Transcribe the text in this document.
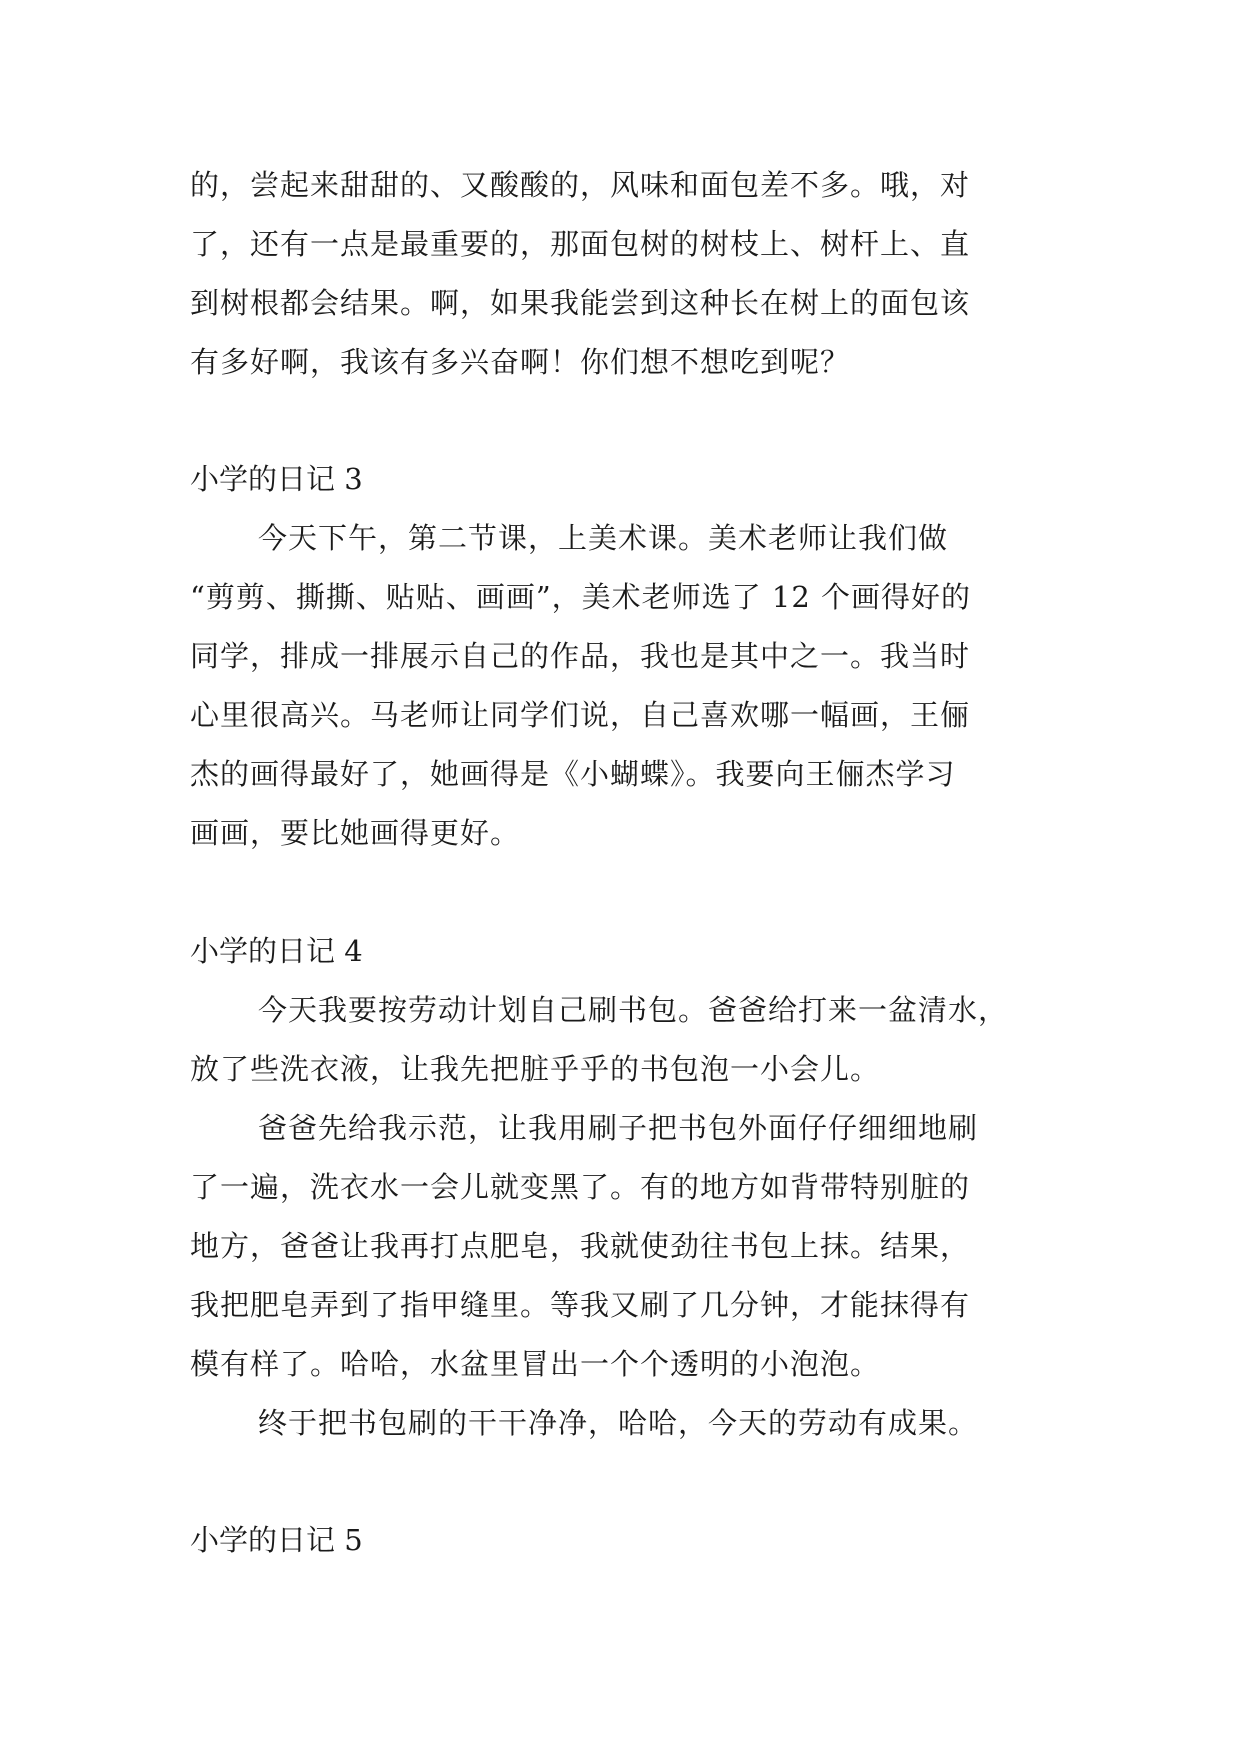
的，尝起来甜甜的、又酸酸的，风味和面包差不多。哦，对
了，还有一点是最重要的，那面包树的树枝上、树杆上、直
到树根都会结果。啊，如果我能尝到这种长在树上的面包该
有多好啊，我该有多兴奋啊！你们想不想吃到呢？
小学的日记 3
今天下午，第二节课，上美术课。美术老师让我们做
“剪剪、撕撕、贴贴、画画”，美术老师选了 12 个画得好的
同学，排成一排展示自己的作品，我也是其中之一。我当时
心里很高兴。马老师让同学们说，自己喜欢哪一幅画，王俪
杰的画得最好了，她画得是《小蝴蝶》。我要向王俪杰学习
画画，要比她画得更好。
小学的日记 4
今天我要按劳动计划自己刷书包。爸爸给打来一盆清水，
放了些洗衣液，让我先把脏乎乎的书包泡一小会儿。
爸爸先给我示范，让我用刷子把书包外面仔仔细细地刷
了一遍，洗衣水一会儿就变黑了。有的地方如背带特别脏的
地方，爸爸让我再打点肥皂，我就使劲往书包上抹。结果，
我把肥皂弄到了指甲缝里。等我又刷了几分钟，才能抹得有
模有样了。哈哈，水盆里冒出一个个透明的小泡泡。
终于把书包刷的干干净净，哈哈，今天的劳动有成果。
小学的日记 5
